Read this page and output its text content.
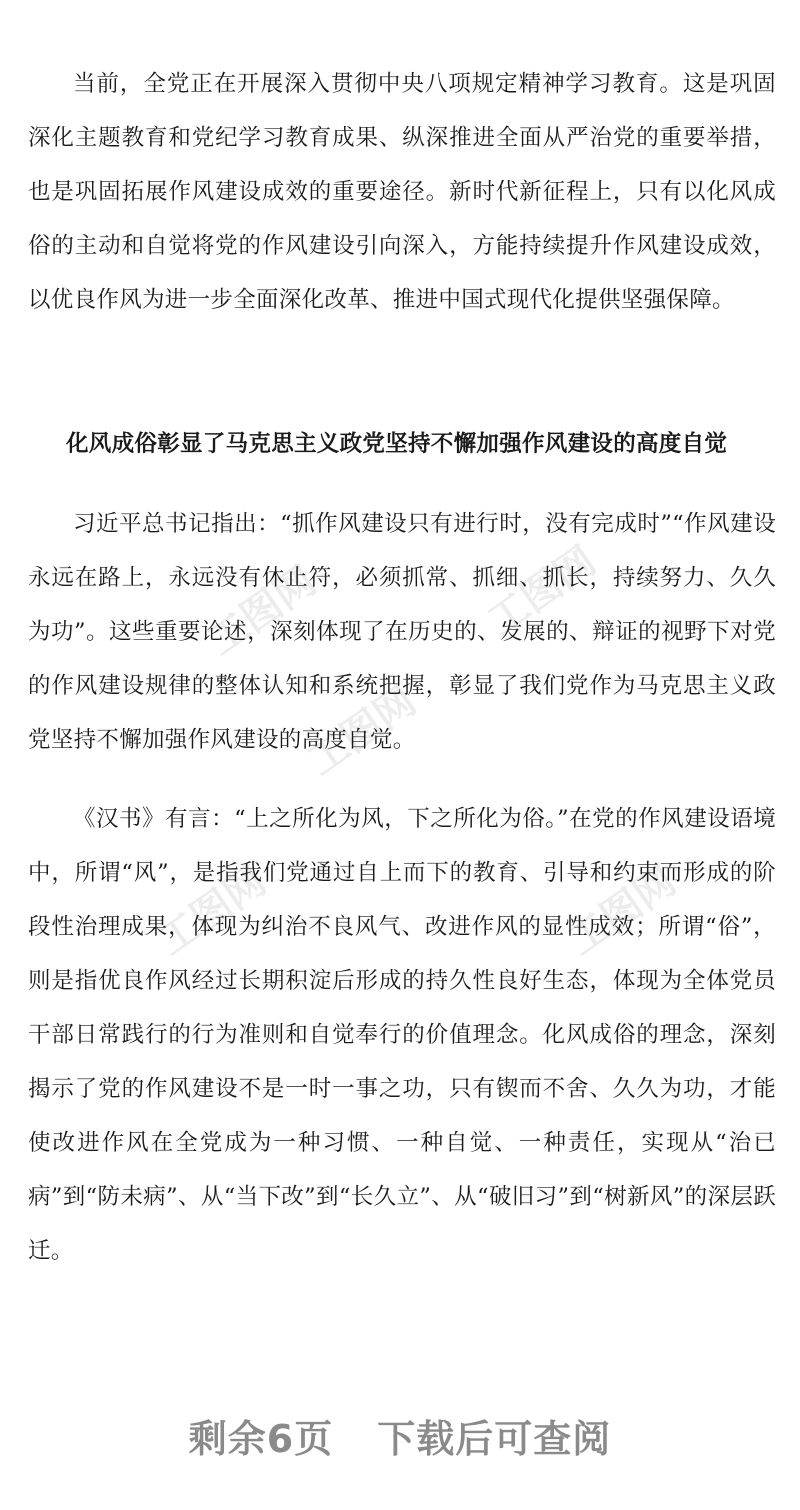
工图网	工图网
工图网
工图网	工图网

当前，全党正在开展深入贯彻中央八项规定精神学习教育。这是巩固深化主题教育和党纪学习教育成果、纵深推进全面从严治党的重要举措，也是巩固拓展作风建设成效的重要途径。新时代新征程上，只有以化风成俗的主动和自觉将党的作风建设引向深入，方能持续提升作风建设成效，以优良作风为进一步全面深化改革、推进中国式现代化提供坚强保障。

化风成俗彰显了马克思主义政党坚持不懈加强作风建设的高度自觉

习近平总书记指出：“抓作风建设只有进行时，没有完成时”“作风建设永远在路上，永远没有休止符，必须抓常、抓细、抓长，持续努力、久久为功”。这些重要论述，深刻体现了在历史的、发展的、辩证的视野下对党的作风建设规律的整体认知和系统把握，彰显了我们党作为马克思主义政党坚持不懈加强作风建设的高度自觉。

《汉书》有言：“上之所化为风，下之所化为俗。”在党的作风建设语境中，所谓“风”，是指我们党通过自上而下的教育、引导和约束而形成的阶段性治理成果，体现为纠治不良风气、改进作风的显性成效；所谓“俗”，则是指优良作风经过长期积淀后形成的持久性良好生态，体现为全体党员干部日常践行的行为准则和自觉奉行的价值理念。化风成俗的理念，深刻揭示了党的作风建设不是一时一事之功，只有锲而不舍、久久为功，才能使改进作风在全党成为一种习惯、一种自觉、一种责任，实现从“治已病”到“防未病”、从“当下改”到“长久立”、从“破旧习”到“树新风”的深层跃迁。

剩余6页 下载后可查阅
